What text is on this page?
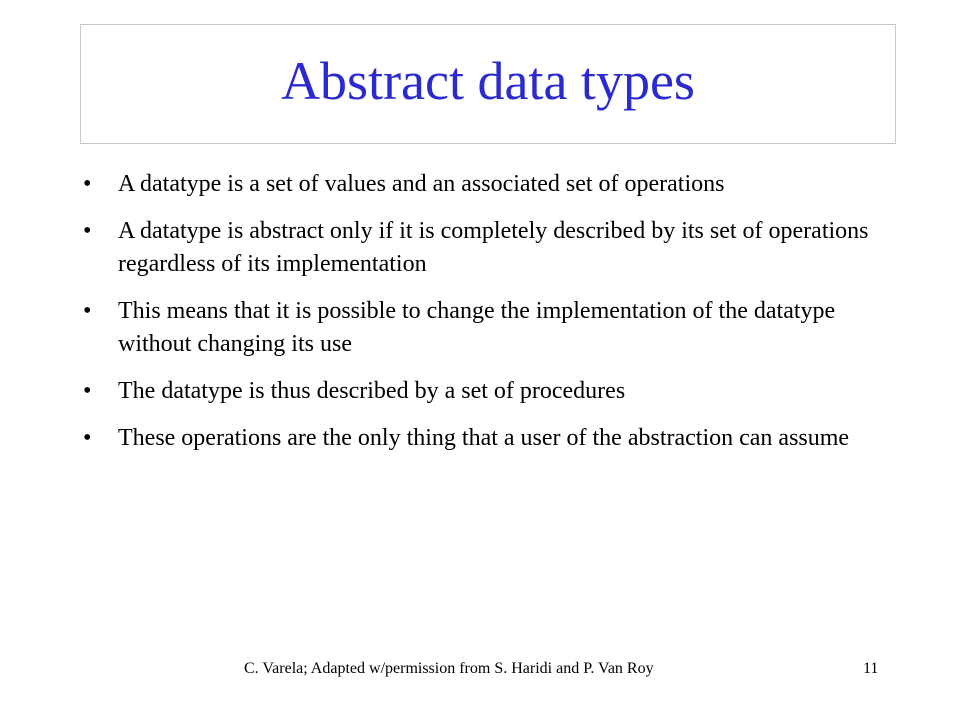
Abstract data types
• A datatype is a set of values and an associated set of operations
• A datatype is abstract only if it is completely described by its set of operations regardless of its implementation
• This means that it is possible to change the implementation of the datatype without changing its use
• The datatype is thus described by a set of procedures
• These operations are the only thing that a user of the abstraction can assume
C. Varela; Adapted w/permission from S. Haridi and P. Van Roy	11
